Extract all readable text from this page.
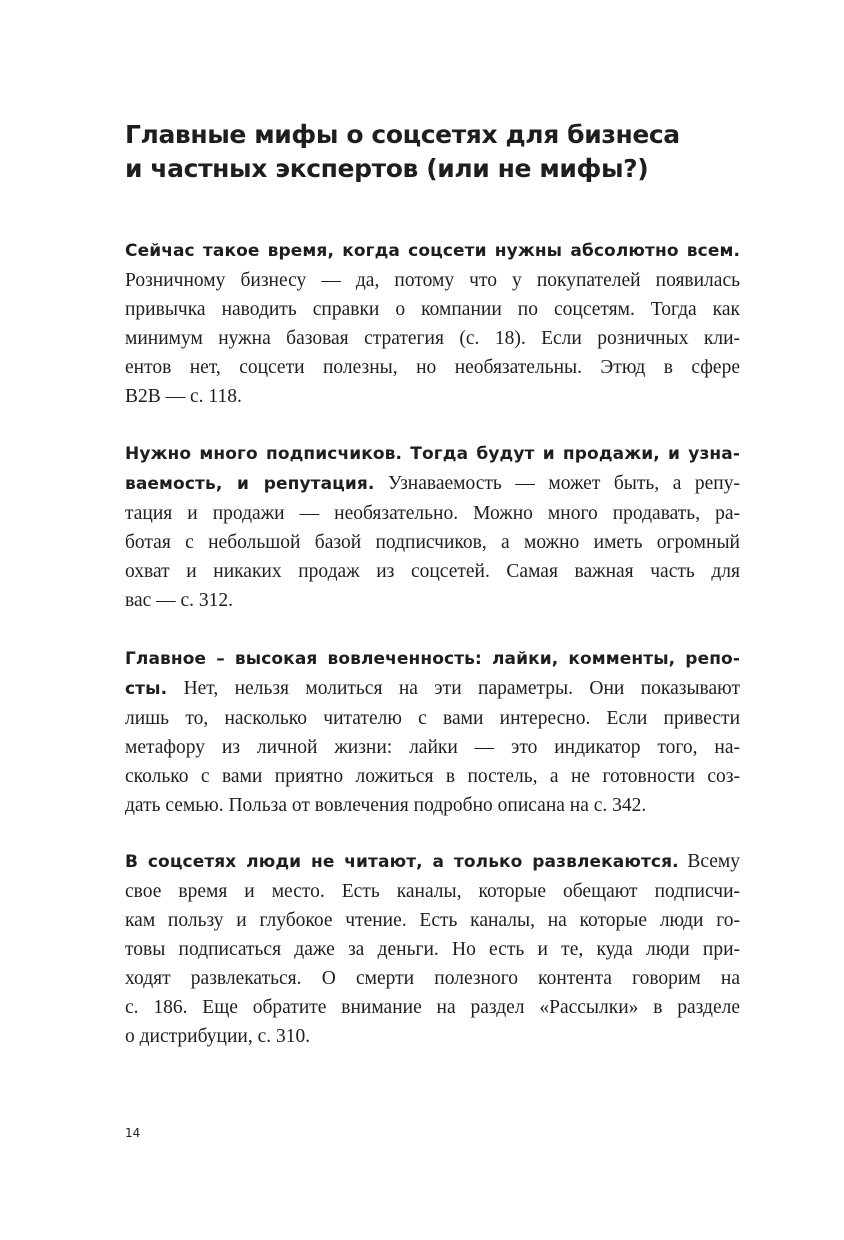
Главные мифы о соцсетях для бизнеса
и частных экспертов (или не мифы?)
Сейчас такое время, когда соцсети нужны абсолютно всем.
Розничному бизнесу — да, потому что у покупателей появилась
привычка наводить справки о компании по соцсетям. Тогда как
минимум нужна базовая стратегия (с. 18). Если розничных кли-
ентов нет, соцсети полезны, но необязательны. Этюд в сфере
B2B — с. 118.
Нужно много подписчиков. Тогда будут и продажи, и узна-
ваемость, и репутация. Узнаваемость — может быть, а репу-
тация и продажи — необязательно. Можно много продавать, ра-
ботая с небольшой базой подписчиков, а можно иметь огромный
охват и никаких продаж из соцсетей. Самая важная часть для
вас — с. 312.
Главное – высокая вовлеченность: лайки, комменты, репо-
сты. Нет, нельзя молиться на эти параметры. Они показывают
лишь то, насколько читателю с вами интересно. Если привести
метафору из личной жизни: лайки — это индикатор того, на-
сколько с вами приятно ложиться в постель, а не готовности соз-
дать семью. Польза от вовлечения подробно описана на с. 342.
В соцсетях люди не читают, а только развлекаются. Всему
свое время и место. Есть каналы, которые обещают подписчи-
кам пользу и глубокое чтение. Есть каналы, на которые люди го-
товы подписаться даже за деньги. Но есть и те, куда люди при-
ходят развлекаться. О смерти полезного контента говорим на
с. 186. Еще обратите внимание на раздел «Рассылки» в разделе
о дистрибуции, с. 310.
14
